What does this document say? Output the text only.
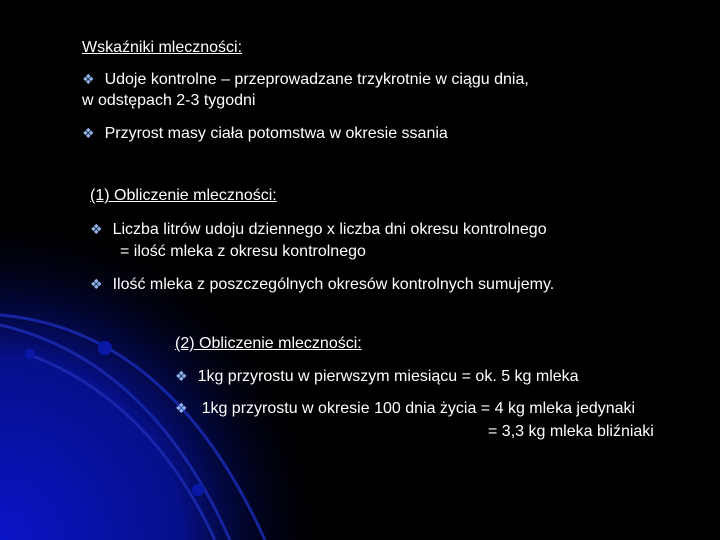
Wskaźniki mleczności:
❖ Udoje kontrolne – przeprowadzane trzykrotnie w ciągu dnia,
w odstępach 2-3 tygodni
❖ Przyrost masy ciała potomstwa w okresie ssania
(1) Obliczenie mleczności:
❖ Liczba litrów udoju dziennego x liczba dni okresu kontrolnego
= ilość mleka z okresu kontrolnego
❖ Ilość mleka z poszczególnych okresów kontrolnych sumujemy.
(2) Obliczenie mleczności:
❖ 1kg przyrostu w pierwszym miesiącu = ok. 5 kg mleka
❖ 1kg przyrostu w okresie 100 dnia życia = 4 kg mleka jedynaki
= 3,3 kg mleka bliźniaki
